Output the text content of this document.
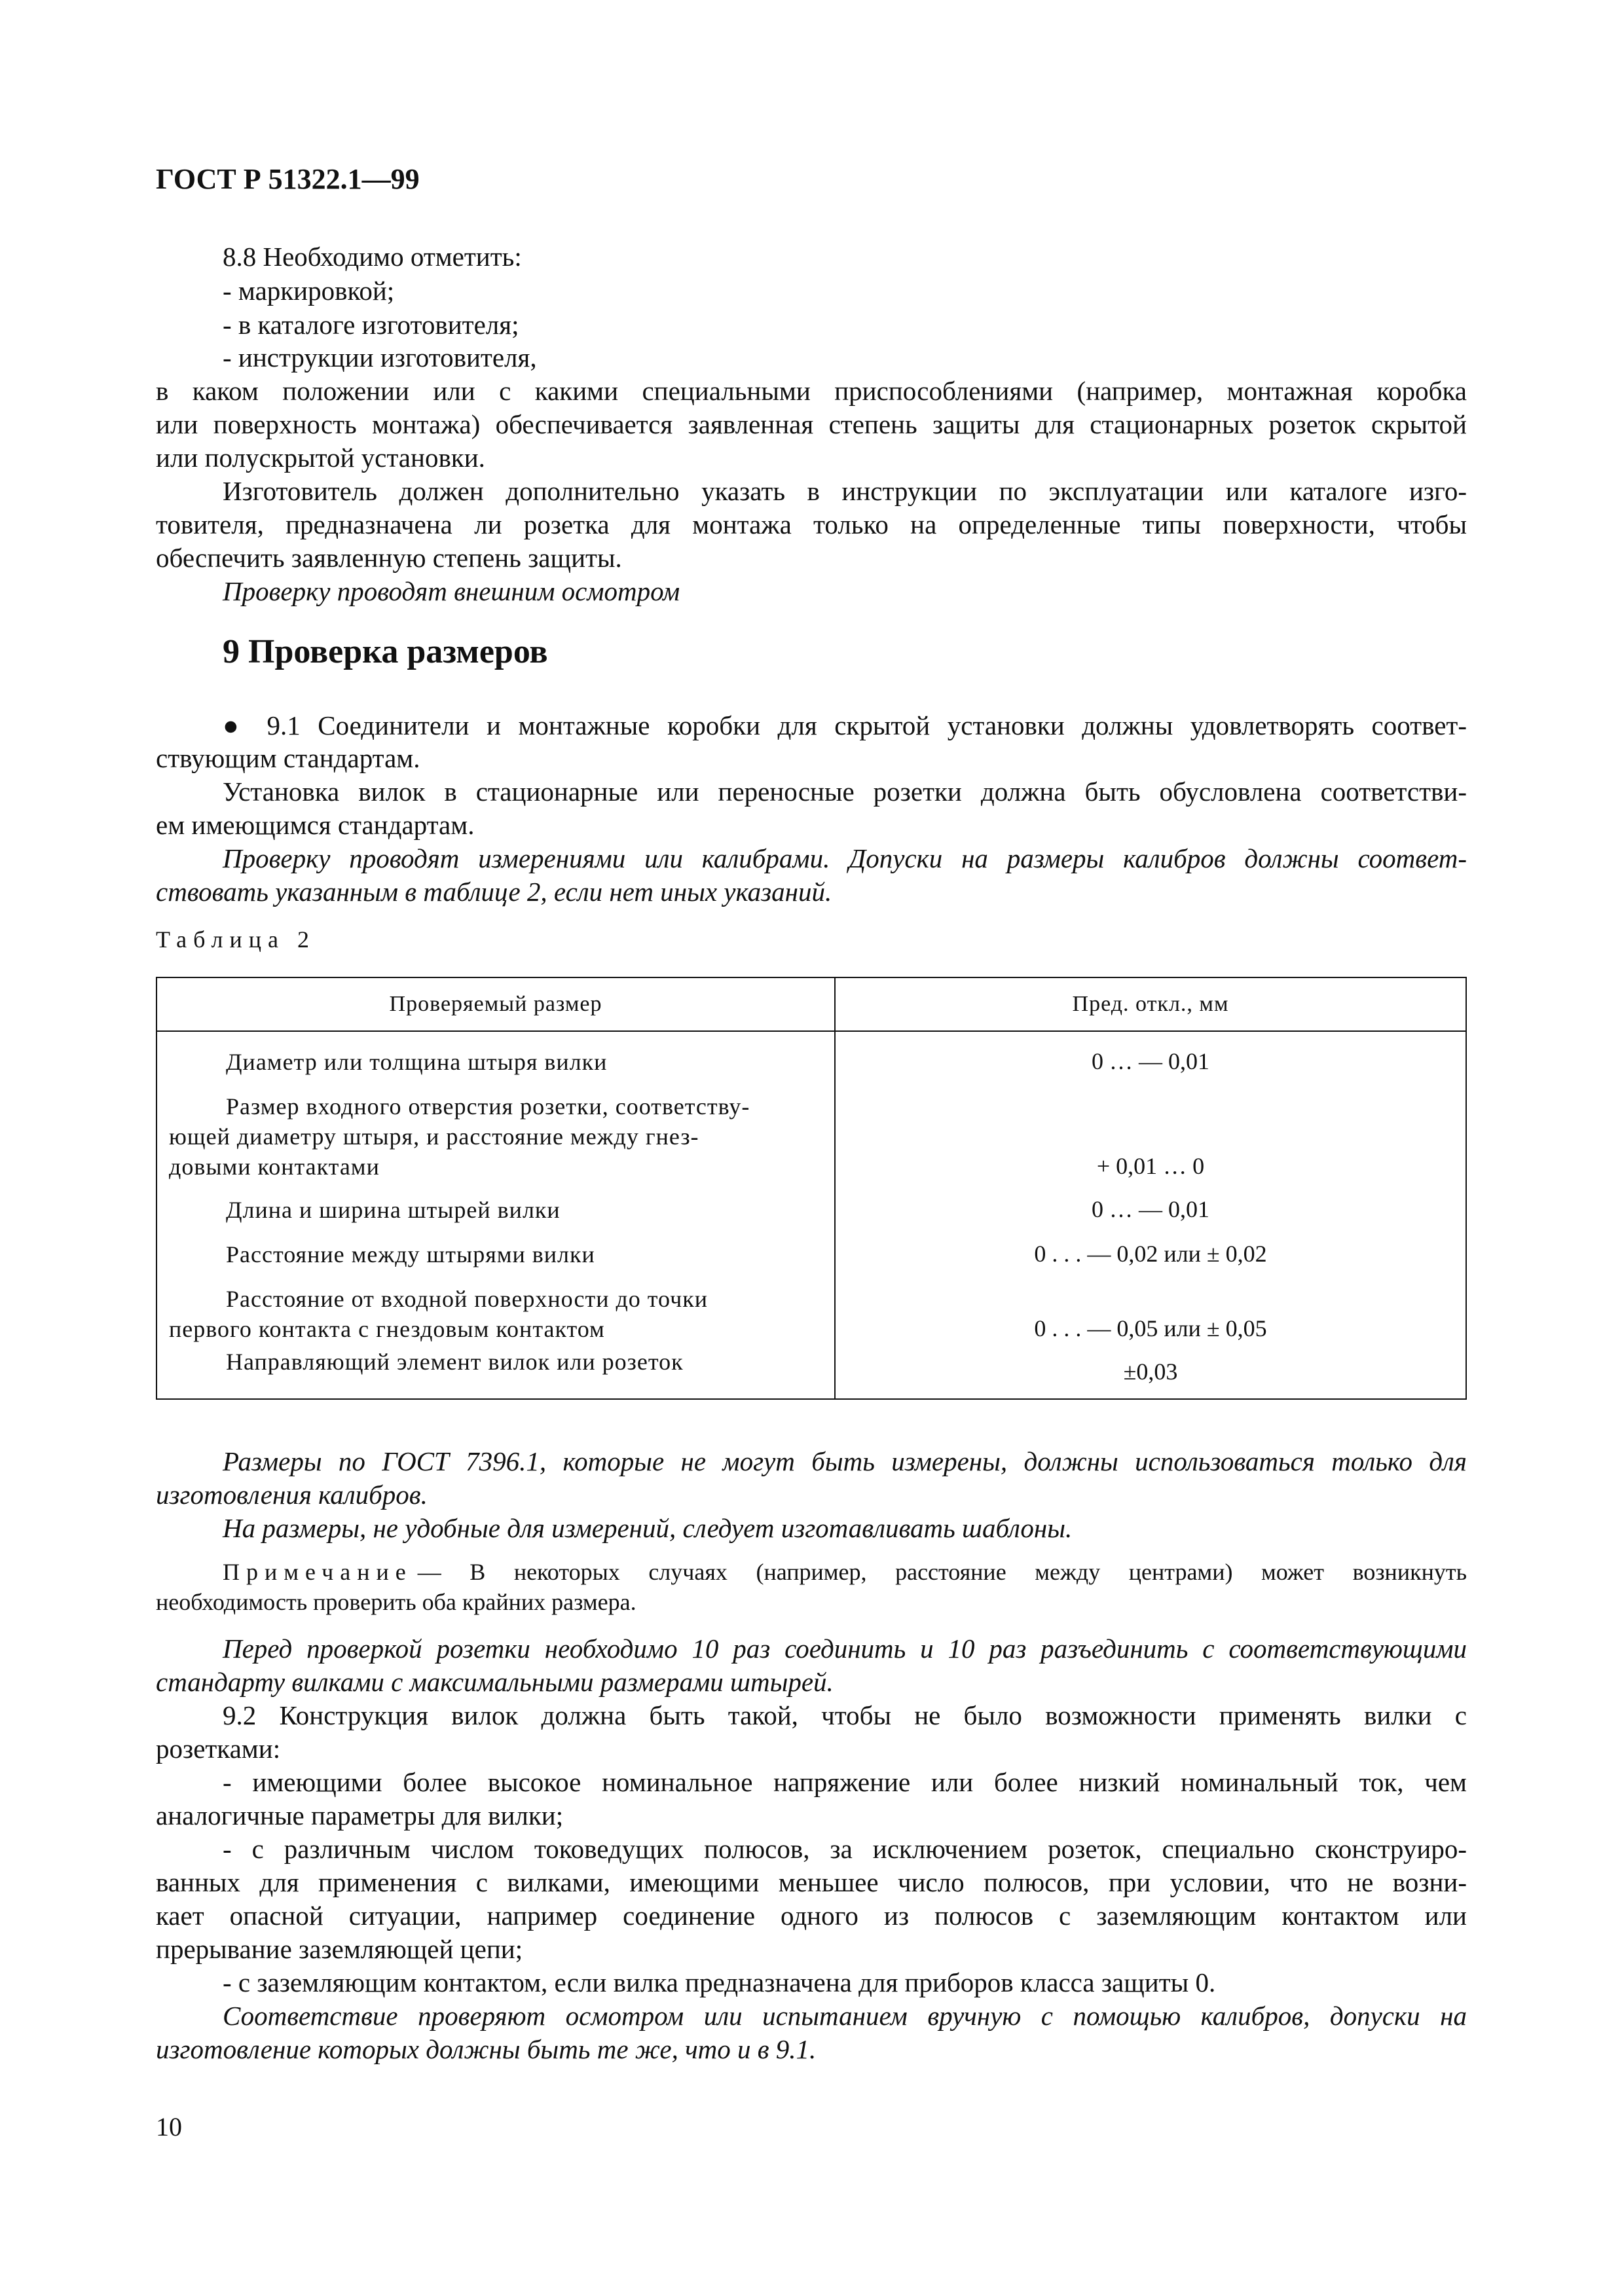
ГОСТ Р 51322.1—99
8.8 Необходимо отметить:
- маркировкой;
- в каталоге изготовителя;
- инструкции изготовителя,
в каком положении или с какими специальными приспособлениями (например, монтажная коробка
или поверхность монтажа) обеспечивается заявленная степень защиты для стационарных розеток скрытой
или полускрытой установки.
Изготовитель должен дополнительно указать в инструкции по эксплуатации или каталоге изго-
товителя, предназначена ли розетка для монтажа только на определенные типы поверхности, чтобы
обеспечить заявленную степень защиты.
Проверку проводят внешним осмотром
9 Проверка размеров
● 9.1 Соединители и монтажные коробки для скрытой установки должны удовлетворять соответ-
ствующим стандартам.
Установка вилок в стационарные или переносные розетки должна быть обусловлена соответстви-
ем имеющимся стандартам.
Проверку проводят измерениями или калибрами. Допуски на размеры калибров должны соответ-
ствовать указанным в таблице 2, если нет иных указаний.
Таблица 2
Проверяемый размер	Пред. откл., мм

Диаметр или толщина штыря вилки	0 … — 0,01

Размер входного отверстия розетки, соответству-
ющей диаметру штыря, и расстояние между гнез-
довыми контактами	+ 0,01 … 0

Длина и ширина штырей вилки	0 … — 0,01

Расстояние между штырями вилки	0 . . . — 0,02 или ± 0,02

Расстояние от входной поверхности до точки
первого контакта с гнездовым контактом	0 . . . — 0,05 или ± 0,05

Направляющий элемент вилок или розеток	±0,03
Размеры по ГОСТ 7396.1, которые не могут быть измерены, должны использоваться только для
изготовления калибров.
На размеры, не удобные для измерений, следует изготавливать шаблоны.
Примечание — В некоторых случаях (например, расстояние между центрами) может возникнуть
необходимость проверить оба крайних размера.
Перед проверкой розетки необходимо 10 раз соединить и 10 раз разъединить с соответствующими
стандарту вилками с максимальными размерами штырей.
9.2 Конструкция вилок должна быть такой, чтобы не было возможности применять вилки с
розетками:
- имеющими более высокое номинальное напряжение или более низкий номинальный ток, чем
аналогичные параметры для вилки;
- с различным числом токоведущих полюсов, за исключением розеток, специально сконструиро-
ванных для применения с вилками, имеющими меньшее число полюсов, при условии, что не возни-
кает опасной ситуации, например соединение одного из полюсов с заземляющим контактом или
прерывание заземляющей цепи;
- с заземляющим контактом, если вилка предназначена для приборов класса защиты 0.
Соответствие проверяют осмотром или испытанием вручную с помощью калибров, допуски на
изготовление которых должны быть те же, что и в 9.1.
10
